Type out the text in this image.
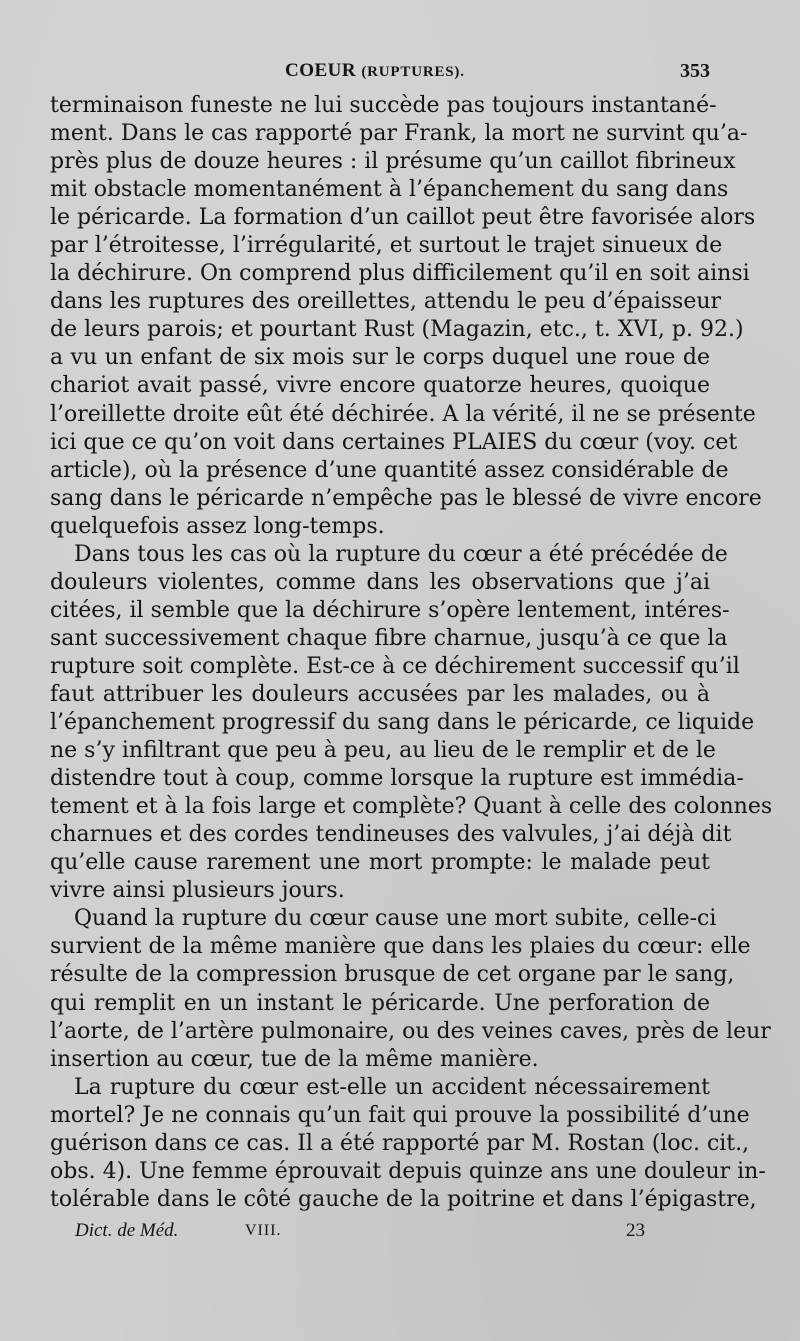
COEUR (RUPTURES).	353
terminaison funeste ne lui succède pas toujours instantané-
ment. Dans le cas rapporté par Frank, la mort ne survint qu’a-
près plus de douze heures : il présume qu’un caillot fibrineux
mit obstacle momentanément à l’épanchement du sang dans
le péricarde. La formation d’un caillot peut être favorisée alors
par l’étroitesse, l’irrégularité, et surtout le trajet sinueux de
la déchirure. On comprend plus difficilement qu’il en soit ainsi
dans les ruptures des oreillettes, attendu le peu d’épaisseur
de leurs parois; et pourtant Rust (Magazin, etc., t. XVI, p. 92.)
a vu un enfant de six mois sur le corps duquel une roue de
chariot avait passé, vivre encore quatorze heures, quoique
l’oreillette droite eût été déchirée. A la vérité, il ne se présente
ici que ce qu’on voit dans certaines PLAIES du cœur (voy. cet
article), où la présence d’une quantité assez considérable de
sang dans le péricarde n’empêche pas le blessé de vivre encore
quelquefois assez long-temps.
Dans tous les cas où la rupture du cœur a été précédée de
douleurs violentes, comme dans les observations que j’ai
citées, il semble que la déchirure s’opère lentement, intéres-
sant successivement chaque fibre charnue, jusqu’à ce que la
rupture soit complète. Est-ce à ce déchirement successif qu’il
faut attribuer les douleurs accusées par les malades, ou à
l’épanchement progressif du sang dans le péricarde, ce liquide
ne s’y infiltrant que peu à peu, au lieu de le remplir et de le
distendre tout à coup, comme lorsque la rupture est immédia-
tement et à la fois large et complète? Quant à celle des colonnes
charnues et des cordes tendineuses des valvules, j’ai déjà dit
qu’elle cause rarement une mort prompte: le malade peut
vivre ainsi plusieurs jours.
Quand la rupture du cœur cause une mort subite, celle-ci
survient de la même manière que dans les plaies du cœur: elle
résulte de la compression brusque de cet organe par le sang,
qui remplit en un instant le péricarde. Une perforation de
l’aorte, de l’artère pulmonaire, ou des veines caves, près de leur
insertion au cœur, tue de la même manière.
La rupture du cœur est-elle un accident nécessairement
mortel? Je ne connais qu’un fait qui prouve la possibilité d’une
guérison dans ce cas. Il a été rapporté par M. Rostan (loc. cit.,
obs. 4). Une femme éprouvait depuis quinze ans une douleur in-
tolérable dans le côté gauche de la poitrine et dans l’épigastre,
Dict. de Méd.	VIII.	23
